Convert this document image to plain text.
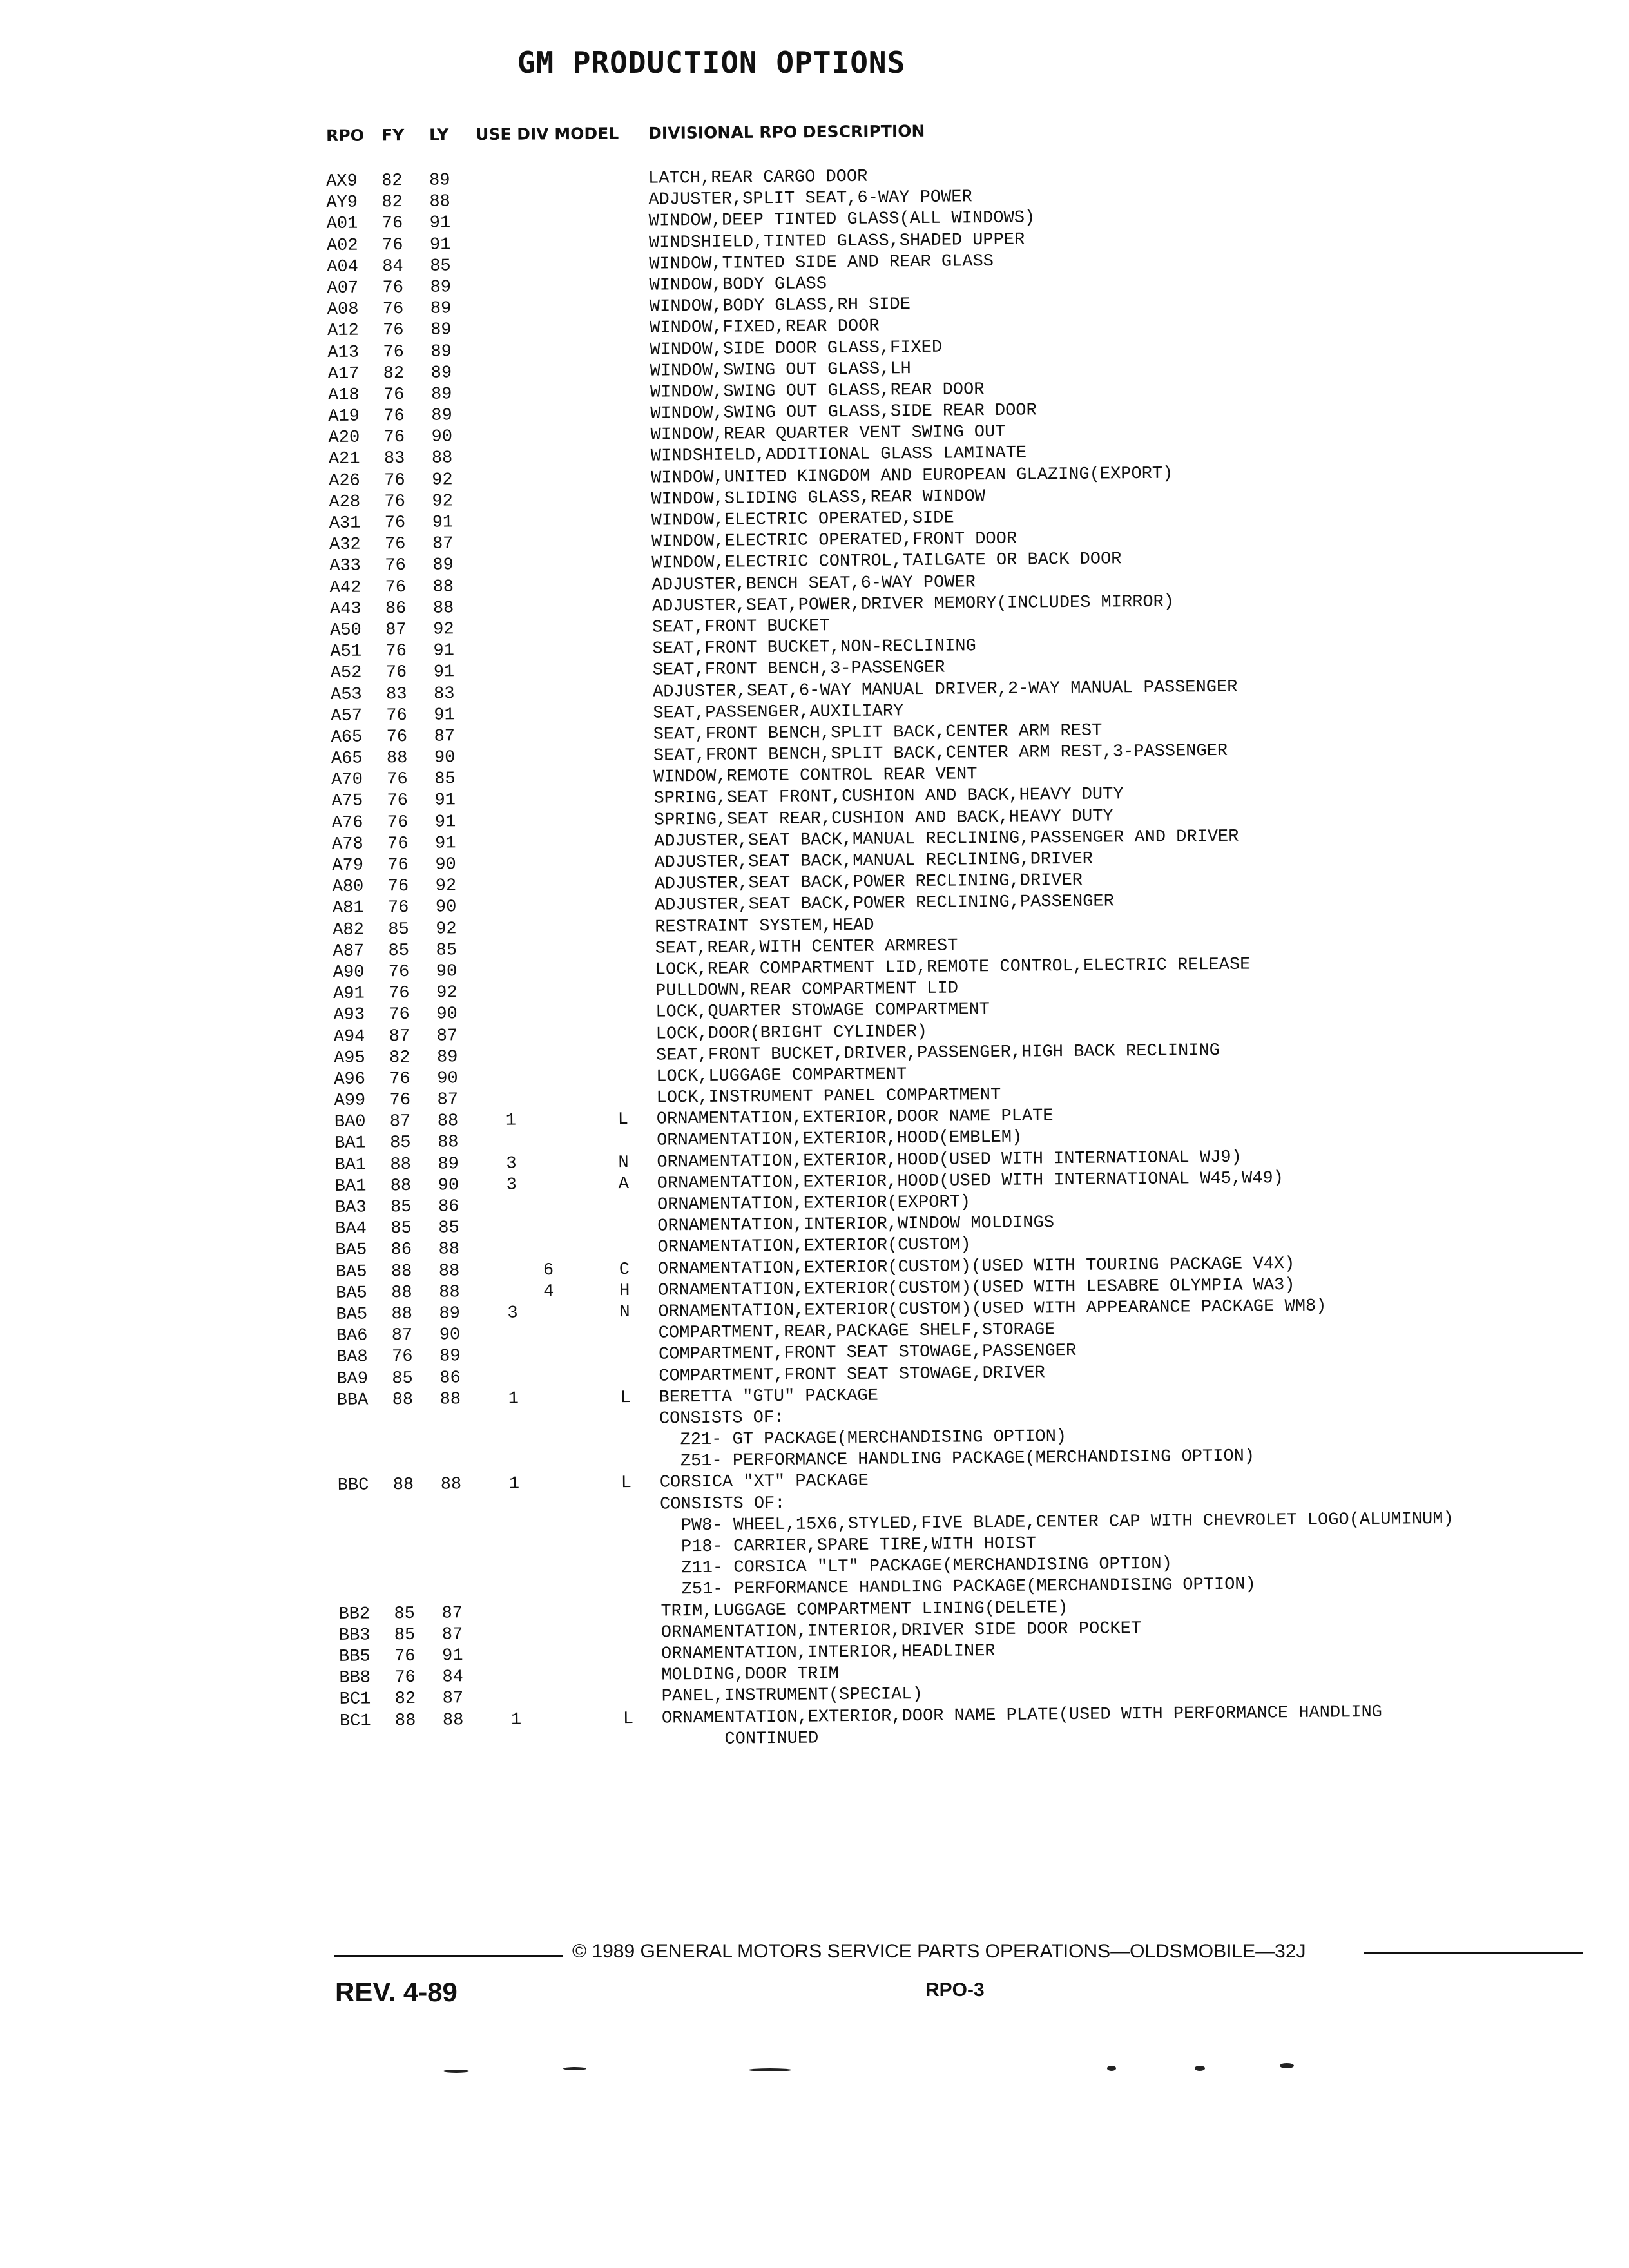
GM PRODUCTION OPTIONS
RPO FY LY USE DIV MODEL DIVISIONAL RPO DESCRIPTION
AX9	82	89	LATCH,REAR CARGO DOOR
AY9	82	88	ADJUSTER,SPLIT SEAT,6-WAY POWER
A01	76	91	WINDOW,DEEP TINTED GLASS(ALL WINDOWS)
A02	76	91	WINDSHIELD,TINTED GLASS,SHADED UPPER
A04	84	85	WINDOW,TINTED SIDE AND REAR GLASS
A07	76	89	WINDOW,BODY GLASS
A08	76	89	WINDOW,BODY GLASS,RH SIDE
A12	76	89	WINDOW,FIXED,REAR DOOR
A13	76	89	WINDOW,SIDE DOOR GLASS,FIXED
A17	82	89	WINDOW,SWING OUT GLASS,LH
A18	76	89	WINDOW,SWING OUT GLASS,REAR DOOR
A19	76	89	WINDOW,SWING OUT GLASS,SIDE REAR DOOR
A20	76	90	WINDOW,REAR QUARTER VENT SWING OUT
A21	83	88	WINDSHIELD,ADDITIONAL GLASS LAMINATE
A26	76	92	WINDOW,UNITED KINGDOM AND EUROPEAN GLAZING(EXPORT)
A28	76	92	WINDOW,SLIDING GLASS,REAR WINDOW
A31	76	91	WINDOW,ELECTRIC OPERATED,SIDE
A32	76	87	WINDOW,ELECTRIC OPERATED,FRONT DOOR
A33	76	89	WINDOW,ELECTRIC CONTROL,TAILGATE OR BACK DOOR
A42	76	88	ADJUSTER,BENCH SEAT,6-WAY POWER
A43	86	88	ADJUSTER,SEAT,POWER,DRIVER MEMORY(INCLUDES MIRROR)
A50	87	92	SEAT,FRONT BUCKET
A51	76	91	SEAT,FRONT BUCKET,NON-RECLINING
A52	76	91	SEAT,FRONT BENCH,3-PASSENGER
A53	83	83	ADJUSTER,SEAT,6-WAY MANUAL DRIVER,2-WAY MANUAL PASSENGER
A57	76	91	SEAT,PASSENGER,AUXILIARY
A65	76	87	SEAT,FRONT BENCH,SPLIT BACK,CENTER ARM REST
A65	88	90	SEAT,FRONT BENCH,SPLIT BACK,CENTER ARM REST,3-PASSENGER
A70	76	85	WINDOW,REMOTE CONTROL REAR VENT
A75	76	91	SPRING,SEAT FRONT,CUSHION AND BACK,HEAVY DUTY
A76	76	91	SPRING,SEAT REAR,CUSHION AND BACK,HEAVY DUTY
A78	76	91	ADJUSTER,SEAT BACK,MANUAL RECLINING,PASSENGER AND DRIVER
A79	76	90	ADJUSTER,SEAT BACK,MANUAL RECLINING,DRIVER
A80	76	92	ADJUSTER,SEAT BACK,POWER RECLINING,DRIVER
A81	76	90	ADJUSTER,SEAT BACK,POWER RECLINING,PASSENGER
A82	85	92	RESTRAINT SYSTEM,HEAD
A87	85	85	SEAT,REAR,WITH CENTER ARMREST
A90	76	90	LOCK,REAR COMPARTMENT LID,REMOTE CONTROL,ELECTRIC RELEASE
A91	76	92	PULLDOWN,REAR COMPARTMENT LID
A93	76	90	LOCK,QUARTER STOWAGE COMPARTMENT
A94	87	87	LOCK,DOOR(BRIGHT CYLINDER)
A95	82	89	SEAT,FRONT BUCKET,DRIVER,PASSENGER,HIGH BACK RECLINING
A96	76	90	LOCK,LUGGAGE COMPARTMENT
A99	76	87	LOCK,INSTRUMENT PANEL COMPARTMENT
BA0	87	88	1	L	ORNAMENTATION,EXTERIOR,DOOR NAME PLATE
BA1	85	88	ORNAMENTATION,EXTERIOR,HOOD(EMBLEM)
BA1	88	89	3	N	ORNAMENTATION,EXTERIOR,HOOD(USED WITH INTERNATIONAL WJ9)
BA1	88	90	3	A	ORNAMENTATION,EXTERIOR,HOOD(USED WITH INTERNATIONAL W45,W49)
BA3	85	86	ORNAMENTATION,EXTERIOR(EXPORT)
BA4	85	85	ORNAMENTATION,INTERIOR,WINDOW MOLDINGS
BA5	86	88	ORNAMENTATION,EXTERIOR(CUSTOM)
BA5	88	88	6	C	ORNAMENTATION,EXTERIOR(CUSTOM)(USED WITH TOURING PACKAGE V4X)
BA5	88	88	4	H	ORNAMENTATION,EXTERIOR(CUSTOM)(USED WITH LESABRE OLYMPIA WA3)
BA5	88	89	3	N	ORNAMENTATION,EXTERIOR(CUSTOM)(USED WITH APPEARANCE PACKAGE WM8)
BA6	87	90	COMPARTMENT,REAR,PACKAGE SHELF,STORAGE
BA8	76	89	COMPARTMENT,FRONT SEAT STOWAGE,PASSENGER
BA9	85	86	COMPARTMENT,FRONT SEAT STOWAGE,DRIVER
BBA	88	88	1	L	BERETTA "GTU" PACKAGE
CONSISTS OF:
Z21- GT PACKAGE(MERCHANDISING OPTION)
Z51- PERFORMANCE HANDLING PACKAGE(MERCHANDISING OPTION)
BBC	88	88	1	L	CORSICA "XT" PACKAGE
CONSISTS OF:
PW8- WHEEL,15X6,STYLED,FIVE BLADE,CENTER CAP WITH CHEVROLET LOGO(ALUMINUM)
P18- CARRIER,SPARE TIRE,WITH HOIST
Z11- CORSICA "LT" PACKAGE(MERCHANDISING OPTION)
Z51- PERFORMANCE HANDLING PACKAGE(MERCHANDISING OPTION)
BB2	85	87	TRIM,LUGGAGE COMPARTMENT LINING(DELETE)
BB3	85	87	ORNAMENTATION,INTERIOR,DRIVER SIDE DOOR POCKET
BB5	76	91	ORNAMENTATION,INTERIOR,HEADLINER
BB8	76	84	MOLDING,DOOR TRIM
BC1	82	87	PANEL,INSTRUMENT(SPECIAL)
BC1	88	88	1	L	ORNAMENTATION,EXTERIOR,DOOR NAME PLATE(USED WITH PERFORMANCE HANDLING
CONTINUED
© 1989 GENERAL MOTORS SERVICE PARTS OPERATIONS—OLDSMOBILE—32J
REV. 4-89	RPO-3
